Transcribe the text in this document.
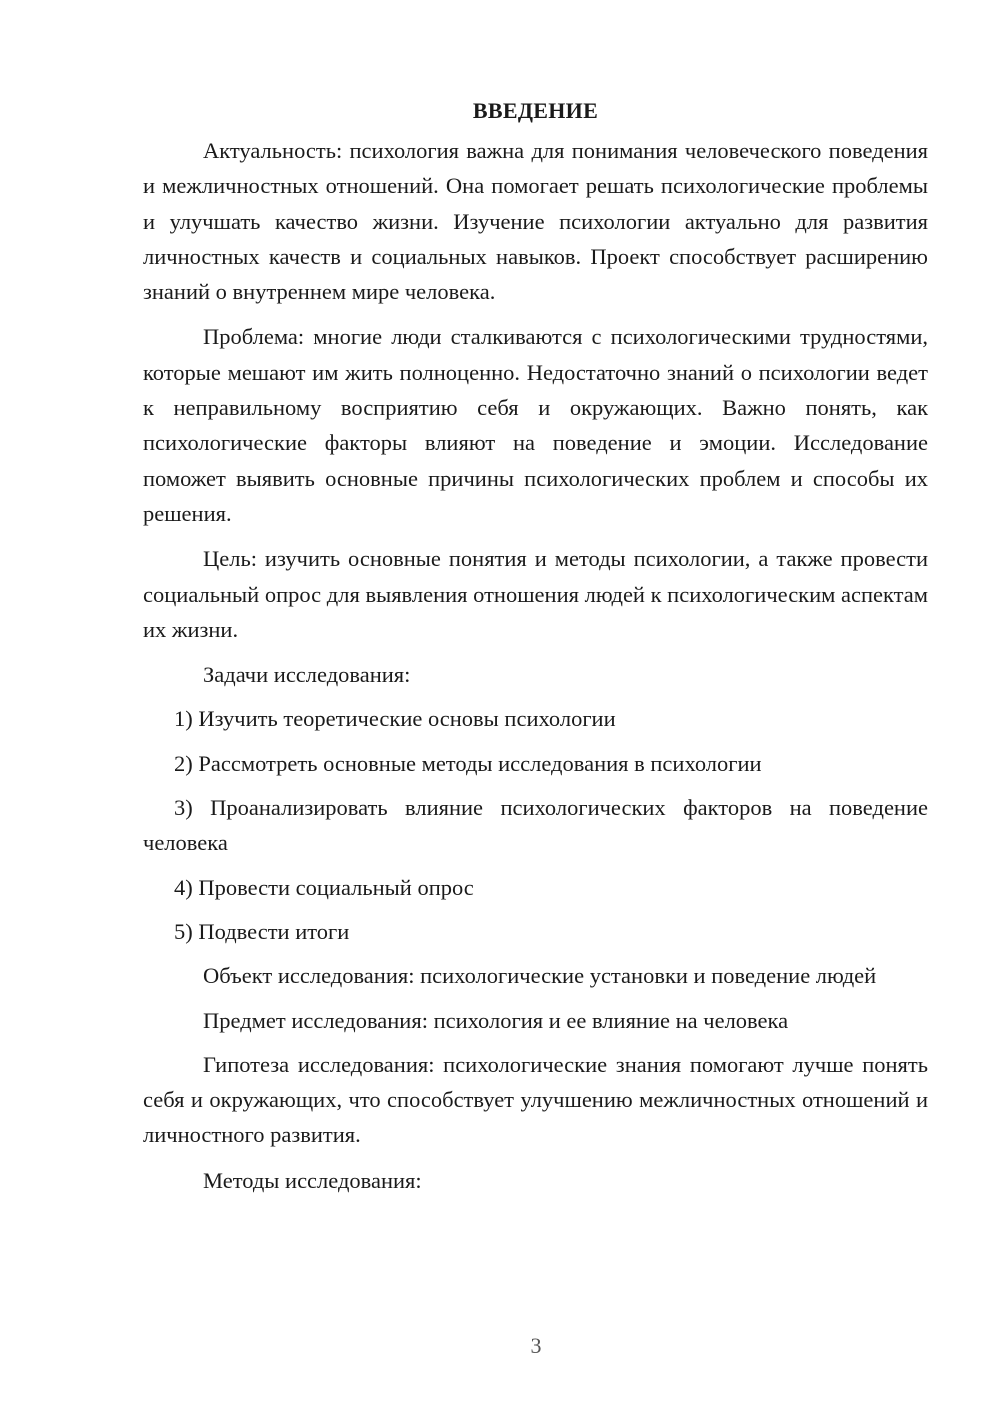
ВВЕДЕНИЕ

Актуальность: психология важна для понимания человеческого поведения и межличностных отношений. Она помогает решать психологические проблемы и улучшать качество жизни. Изучение психологии актуально для развития личностных качеств и социальных навыков. Проект способствует расширению знаний о внутреннем мире человека.

Проблема: многие люди сталкиваются с психологическими трудностями, которые мешают им жить полноценно. Недостаточно знаний о психологии ведет к неправильному восприятию себя и окружающих. Важно понять, как психологические факторы влияют на поведение и эмоции. Исследование поможет выявить основные причины психологических проблем и способы их решения.

Цель: изучить основные понятия и методы психологии, а также провести социальный опрос для выявления отношения людей к психологическим аспектам их жизни.

Задачи исследования:

1) Изучить теоретические основы психологии

2) Рассмотреть основные методы исследования в психологии

3) Проанализировать влияние психологических факторов на поведение человека

4) Провести социальный опрос

5) Подвести итоги

Объект исследования: психологические установки и поведение людей

Предмет исследования: психология и ее влияние на человека

Гипотеза исследования: психологические знания помогают лучше понять себя и окружающих, что способствует улучшению межличностных отношений и личностного развития.

Методы исследования:

3
